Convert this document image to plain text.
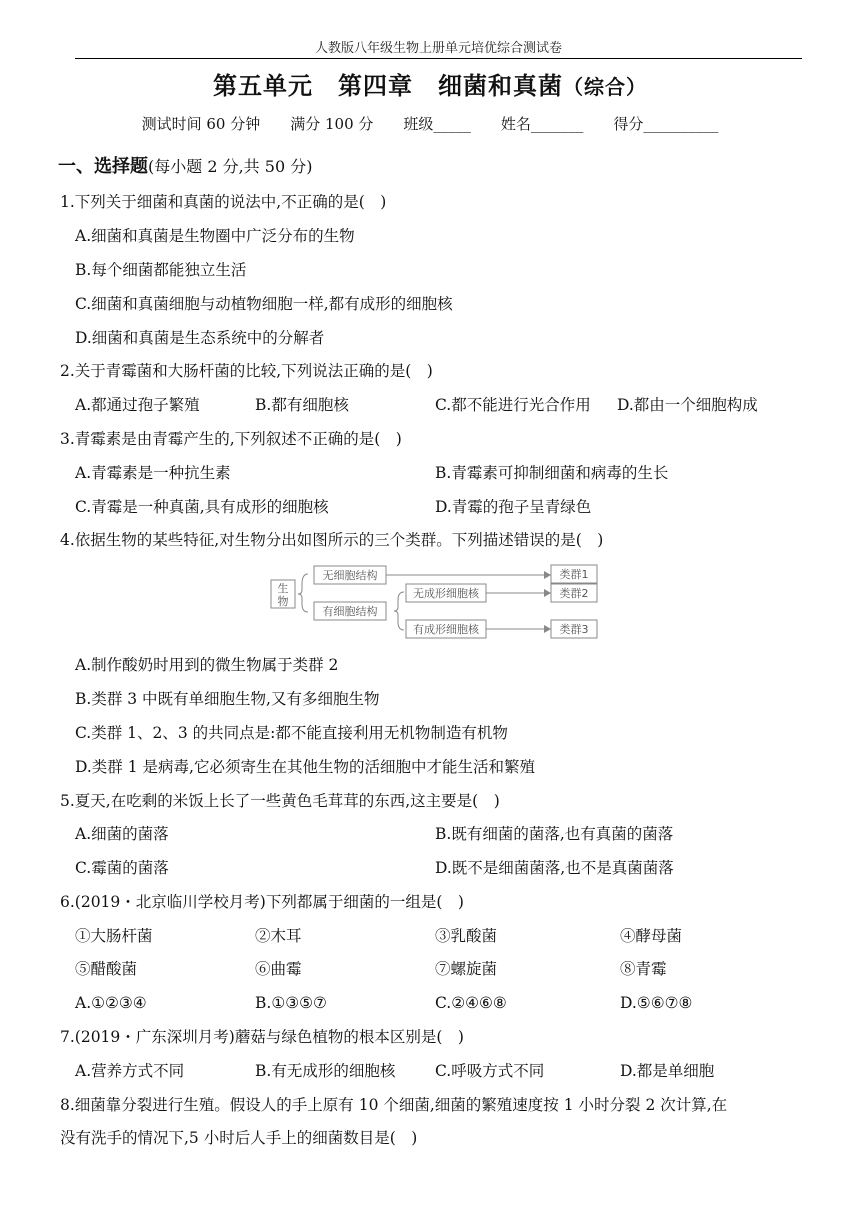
人教版八年级生物上册单元培优综合测试卷
第五单元　第四章　细菌和真菌（综合）
测试时间 60 分钟　　满分 100 分　　班级_____　　姓名_______　　得分__________
一、选择题(每小题 2 分,共 50 分)
1.下列关于细菌和真菌的说法中,不正确的是(　)
A.细菌和真菌是生物圈中广泛分布的生物
B.每个细菌都能独立生活
C.细菌和真菌细胞与动植物细胞一样,都有成形的细胞核
D.细菌和真菌是生态系统中的分解者
2.关于青霉菌和大肠杆菌的比较,下列说法正确的是(　)
A.都通过孢子繁殖	B.都有细胞核	C.都不能进行光合作用 D.都由一个细胞构成
3.青霉素是由青霉产生的,下列叙述不正确的是(　)
A.青霉素是一种抗生素	B.青霉素可抑制细菌和病毒的生长
C.青霉是一种真菌,具有成形的细胞核	D.青霉的孢子呈青绿色
4.依据生物的某些特征,对生物分出如图所示的三个类群。下列描述错误的是(　)
生
物
无细胞结构	类群1
有细胞结构
无成形细胞核	类群2
有成形细胞核	类群3
A.制作酸奶时用到的微生物属于类群 2
B.类群 3 中既有单细胞生物,又有多细胞生物
C.类群 1、2、3 的共同点是:都不能直接利用无机物制造有机物
D.类群 1 是病毒,它必须寄生在其他生物的活细胞中才能生活和繁殖
5.夏天,在吃剩的米饭上长了一些黄色毛茸茸的东西,这主要是(　)
A.细菌的菌落	B.既有细菌的菌落,也有真菌的菌落
C.霉菌的菌落	D.既不是细菌菌落,也不是真菌菌落
6.(2019・北京临川学校月考)下列都属于细菌的一组是(　)
①大肠杆菌	②木耳	③乳酸菌	④酵母菌
⑤醋酸菌	⑥曲霉	⑦螺旋菌	⑧青霉
A.①②③④	B.①③⑤⑦	C.②④⑥⑧	D.⑤⑥⑦⑧
7.(2019・广东深圳月考)蘑菇与绿色植物的根本区别是(　)
A.营养方式不同	B.有无成形的细胞核	C.呼吸方式不同	D.都是单细胞
8.细菌靠分裂进行生殖。假设人的手上原有 10 个细菌,细菌的繁殖速度按 1 小时分裂 2 次计算,在
没有洗手的情况下,5 小时后人手上的细菌数目是(　)
